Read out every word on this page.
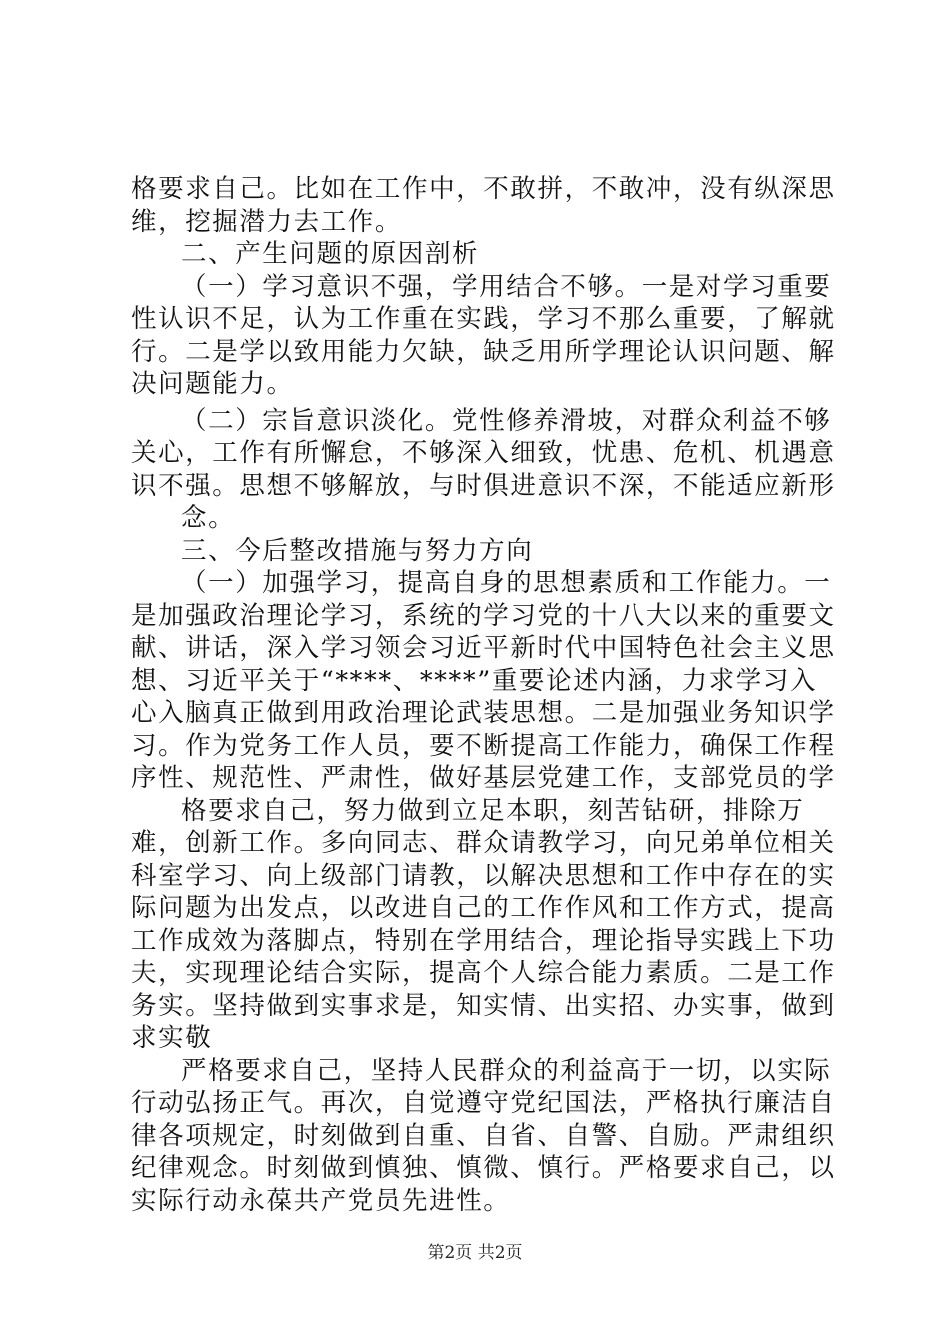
格要求自己。比如在工作中，不敢拼，不敢冲，没有纵深思维，挖掘潜力去工作。

二、产生问题的原因剖析

（一）学习意识不强，学用结合不够。一是对学习重要性认识不足，认为工作重在实践，学习不那么重要，了解就行。二是学以致用能力欠缺，缺乏用所学理论认识问题、解决问题能力。

（二）宗旨意识淡化。党性修养滑坡，对群众利益不够关心，工作有所懈怠，不够深入细致，忧患、危机、机遇意识不强。思想不够解放，与时俱进意识不深，不能适应新形

念。

三、今后整改措施与努力方向

（一）加强学习，提高自身的思想素质和工作能力。一是加强政治理论学习，系统的学习党的十八大以来的重要文献、讲话，深入学习领会习近平新时代中国特色社会主义思想、习近平关于“****、****”重要论述内涵，力求学习入心入脑真正做到用政治理论武装思想。二是加强业务知识学习。作为党务工作人员，要不断提高工作能力，确保工作程序性、规范性、严肃性，做好基层党建工作，支部党员的学

格要求自己，努力做到立足本职，刻苦钻研，排除万难，创新工作。多向同志、群众请教学习，向兄弟单位相关科室学习、向上级部门请教，以解决思想和工作中存在的实际问题为出发点，以改进自己的工作作风和工作方式，提高工作成效为落脚点，特别在学用结合，理论指导实践上下功夫，实现理论结合实际，提高个人综合能力素质。二是工作务实。坚持做到实事求是，知实情、出实招、办实事，做到求实敬

严格要求自己，坚持人民群众的利益高于一切，以实际行动弘扬正气。再次，自觉遵守党纪国法，严格执行廉洁自律各项规定，时刻做到自重、自省、自警、自励。严肃组织纪律观念。时刻做到慎独、慎微、慎行。严格要求自己，以实际行动永葆共产党员先进性。

第2页 共2页
